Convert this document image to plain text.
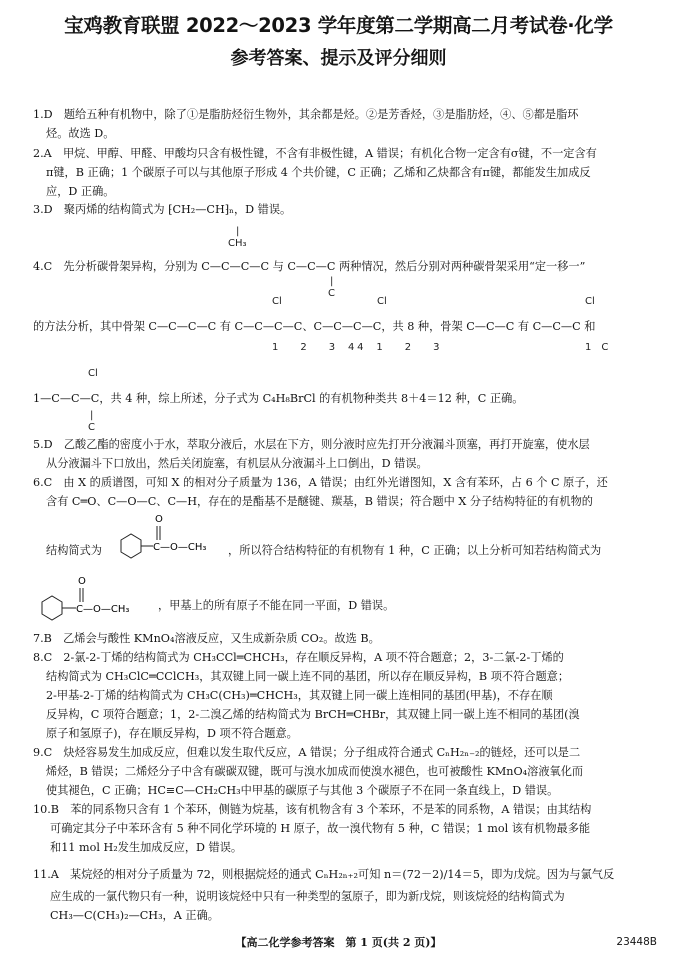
宝鸡教育联盟 2022～2023 学年度第二学期高二月考试卷·化学
参考答案、提示及评分细则
1.D　题给五种有机物中，除了①是脂肪烃衍生物外，其余都是烃。②是芳香烃，③是脂肪烃，④、⑤都是脂环
烃。故选 D。
2.A　甲烷、甲醇、甲醛、甲酸均只含有极性键，不含有非极性键，A 错误；有机化合物一定含有σ键，不一定含有
π键，B 正确；1 个碳原子可以与其他原子形成 4 个共价键，C 正确；乙烯和乙炔都含有π键，都能发生加成反
应，D 正确。
3.D　聚丙烯的结构简式为 ⁅CH₂—CH⁆ₙ，D 错误。
|
CH₃
4.C　先分析碳骨架异构，分别为 C—C—C—C 与 C—C—C 两种情况，然后分别对两种碳骨架采用“定一移一”
|
C
Cl	Cl	Cl
的方法分析，其中骨架 C—C—C—C 有 C—C—C—C、C—C—C—C，共 8 种，骨架 C—C—C 有 C—C—C 和
1　2　3　4
4　1　2　3	1　C
Cl
1—C—C—C，共 4 种，综上所述，分子式为 C₄H₈BrCl 的有机物种类共 8＋4＝12 种，C 正确。
|
C
5.D　乙酸乙酯的密度小于水，萃取分液后，水层在下方，则分液时应先打开分液漏斗顶塞，再打开旋塞，使水层
从分液漏斗下口放出，然后关闭旋塞，有机层从分液漏斗上口倒出，D 错误。
6.C　由 X 的质谱图，可知 X 的相对分子质量为 136，A 错误；由红外光谱图知，X 含有苯环，占 6 个 C 原子，还
含有 C═O、C—O—C、C—H，存在的是酯基不是醚键、羰基，B 错误；符合题中 X 分子结构特征的有机物的
C—O—CH₃
O
结构简式为	，所以符合结构特征的有机物有 1 种，C 正确；以上分析可知若结构简式为
C—O—CH₃
O
，甲基上的所有原子不能在同一平面，D 错误。
7.B　乙烯会与酸性 KMnO₄溶液反应，又生成新杂质 CO₂。故选 B。
8.C　2-氯-2-丁烯的结构简式为 CH₃CCl═CHCH₃，存在顺反异构，A 项不符合题意；2，3-二氯-2-丁烯的
结构简式为 CH₃ClC═CClCH₃，其双键上同一碳上连不同的基团，所以存在顺反异构，B 项不符合题意；
2-甲基-2-丁烯的结构简式为 CH₃C(CH₃)═CHCH₃，其双键上同一碳上连相同的基团(甲基)，不存在顺
反异构，C 项符合题意；1，2-二溴乙烯的结构简式为 BrCH═CHBr，其双键上同一碳上连不相同的基团(溴
原子和氢原子)，存在顺反异构，D 项不符合题意。
9.C　炔烃容易发生加成反应，但难以发生取代反应，A 错误；分子组成符合通式 CₙH₂ₙ₋₂的链烃，还可以是二
烯烃，B 错误；二烯烃分子中含有碳碳双键，既可与溴水加成而使溴水褪色，也可被酸性 KMnO₄溶液氧化而
使其褪色，C 正确；HC≡C—CH₂CH₃中甲基的碳原子与其他 3 个碳原子不在同一条直线上，D 错误。
10.B　苯的同系物只含有 1 个苯环，侧链为烷基，该有机物含有 3 个苯环，不是苯的同系物，A 错误；由其结构
可确定其分子中苯环含有 5 种不同化学环境的 H 原子，故一溴代物有 5 种，C 错误；1 mol 该有机物最多能
和11 mol H₂发生加成反应，D 错误。
11.A　某烷烃的相对分子质量为 72，则根据烷烃的通式 CₙH₂ₙ₊₂可知 n＝(72－2)/14＝5，即为戊烷。因为与氯气反
应生成的一氯代物只有一种，说明该烷烃中只有一种类型的氢原子，即为新戊烷，则该烷烃的结构简式为
CH₃—C(CH₃)₂—CH₃，A 正确。
【高二化学参考答案　第 1 页(共 2 页)】	23448B
